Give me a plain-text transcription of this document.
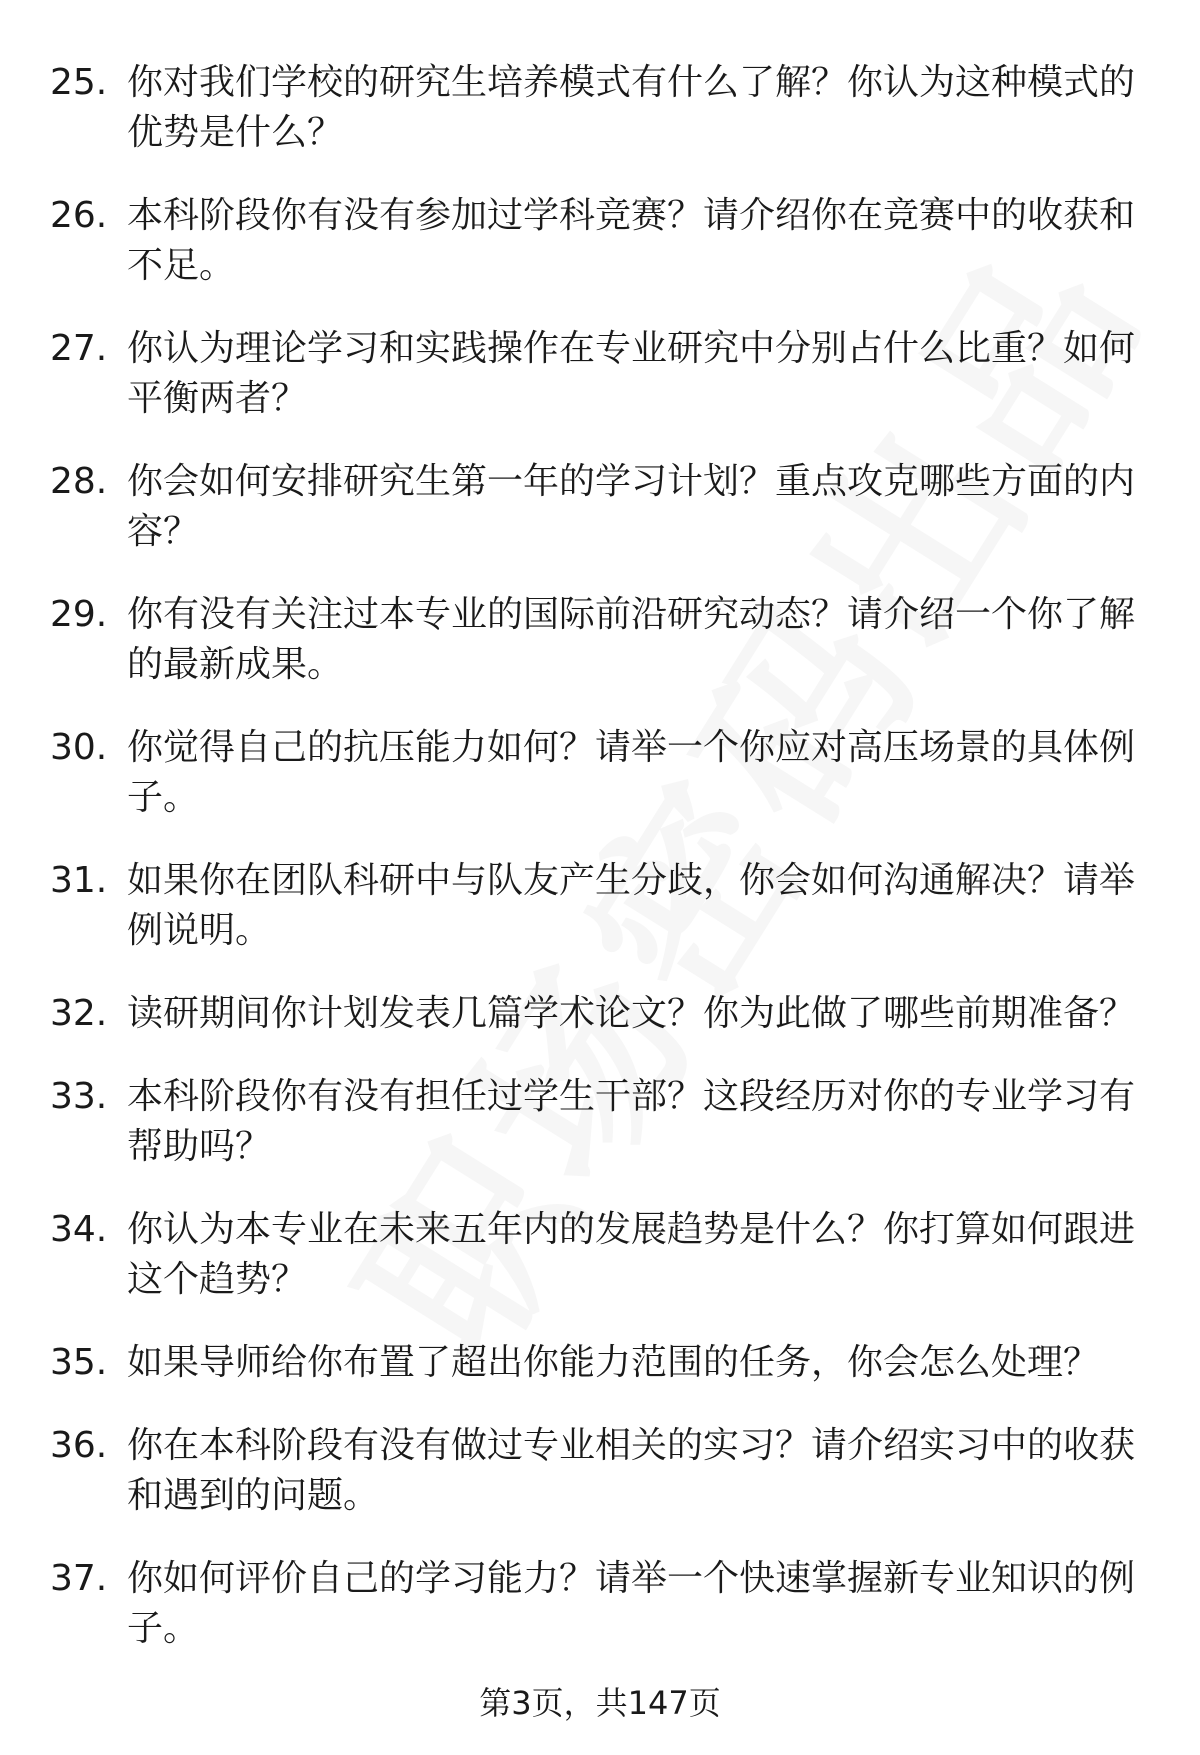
25. 你对我们学校的研究生培养模式有什么了解？你认为这种模式的优势是什么？
26. 本科阶段你有没有参加过学科竞赛？请介绍你在竞赛中的收获和不足。
27. 你认为理论学习和实践操作在专业研究中分别占什么比重？如何平衡两者？
28. 你会如何安排研究生第一年的学习计划？重点攻克哪些方面的内容？
29. 你有没有关注过本专业的国际前沿研究动态？请介绍一个你了解的最新成果。
30. 你觉得自己的抗压能力如何？请举一个你应对高压场景的具体例子。
31. 如果你在团队科研中与队友产生分歧，你会如何沟通解决？请举例说明。
32. 读研期间你计划发表几篇学术论文？你为此做了哪些前期准备？
33. 本科阶段你有没有担任过学生干部？这段经历对你的专业学习有帮助吗？
34. 你认为本专业在未来五年内的发展趋势是什么？你打算如何跟进这个趋势？
35. 如果导师给你布置了超出你能力范围的任务，你会怎么处理？
36. 你在本科阶段有没有做过专业相关的实习？请介绍实习中的收获和遇到的问题。
37. 你如何评价自己的学习能力？请举一个快速掌握新专业知识的例子。
第3页，共147页
